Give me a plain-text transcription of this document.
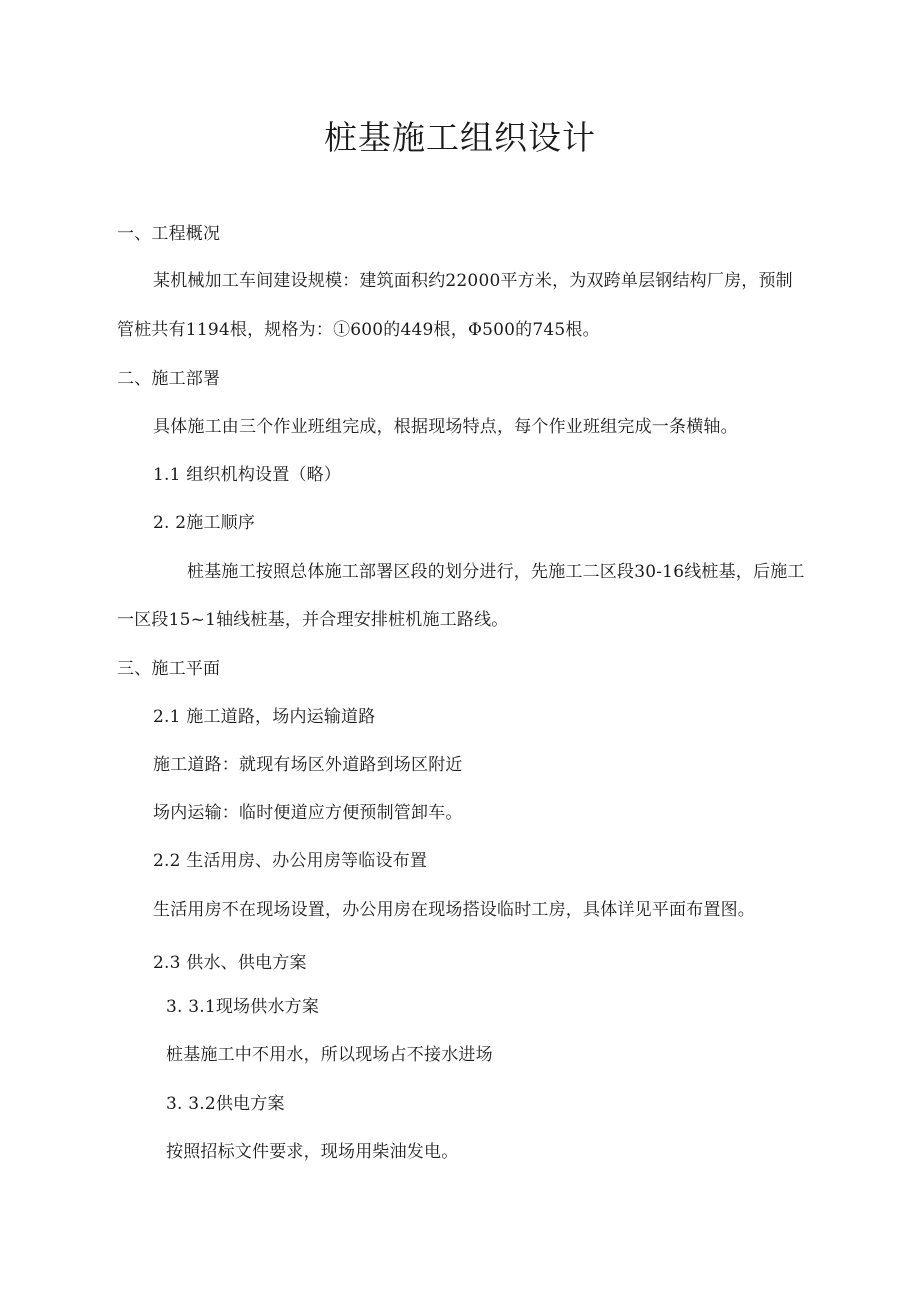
桩基施工组织设计
一、工程概况
某机械加工车间建设规模：建筑面积约22000平方米，为双跨单层钢结构厂房，预制
管桩共有1194根，规格为：①600的449根，Φ500的745根。
二、施工部署
具体施工由三个作业班组完成，根据现场特点，每个作业班组完成一条横轴。
1.1 组织机构设置（略）
2. 2施工顺序
桩基施工按照总体施工部署区段的划分进行，先施工二区段30-16线桩基，后施工
一区段15~1轴线桩基，并合理安排桩机施工路线。
三、施工平面
2.1 施工道路，场内运输道路
施工道路：就现有场区外道路到场区附近
场内运输：临时便道应方便预制管卸车。
2.2 生活用房、办公用房等临设布置
生活用房不在现场设置，办公用房在现场搭设临时工房，具体详见平面布置图。
2.3 供水、供电方案
3. 3.1现场供水方案
桩基施工中不用水，所以现场占不接水进场
3. 3.2供电方案
按照招标文件要求，现场用柴油发电。
